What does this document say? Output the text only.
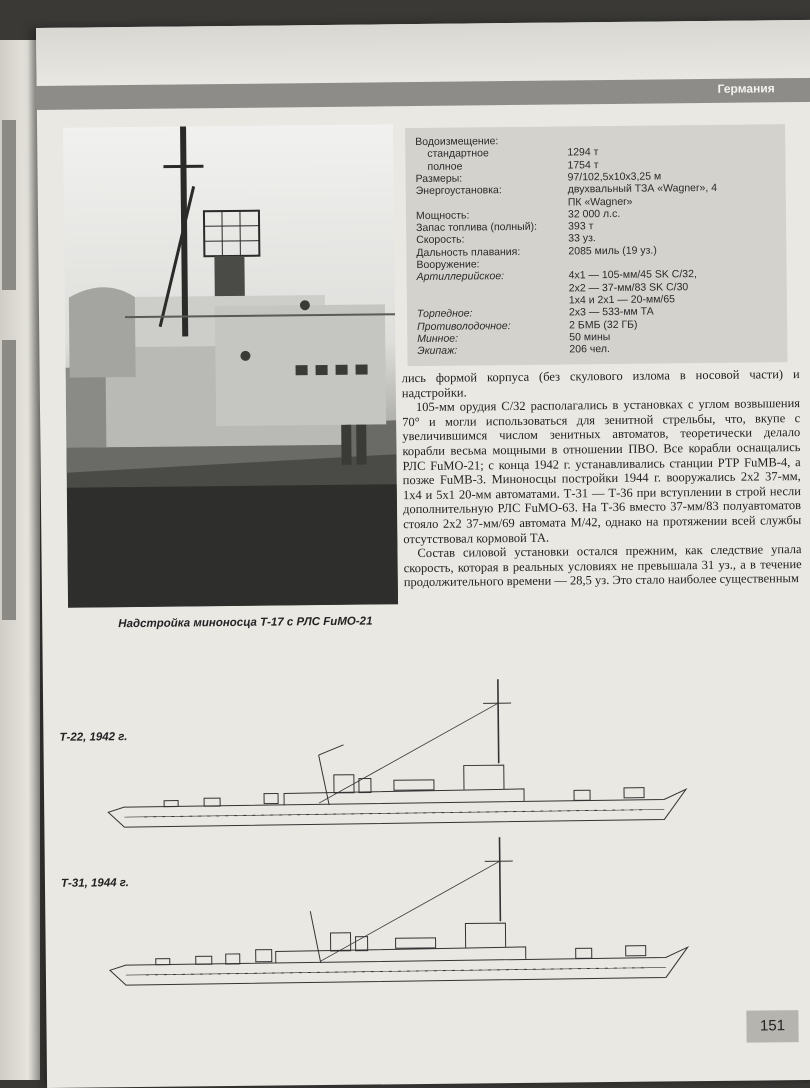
Германия
Надстройка миноносца Т-17 с РЛС FuMO-21
Водоизмещение:
стандартное	1294 т
полное	1754 т
Размеры:	97/102,5х10х3,25 м
Энергоустановка:	двухвальный ТЗА «Wagner», 4
ПК «Wagner»
Мощность:	32 000 л.с.
Запас топлива (полный):	393 т
Скорость:	33 уз.
Дальность плавания:	2085 миль (19 уз.)
Вооружение:
Артиллерийское:	4х1 — 105-мм/45 SK C/32,
2х2 — 37-мм/83 SK C/30
1х4 и 2х1 — 20-мм/65
Торпедное:	2х3 — 533-мм ТА
Противолодочное:	2 БМБ (32 ГБ)
Минное:	50 мины
Экипаж:	206 чел.

лись формой корпуса (без скулового излома в носовой части) и надстройки.

105-мм орудия С/32 располагались в установках с углом возвышения 70° и могли использоваться для зенитной стрельбы, что, вкупе с увеличившимся числом зенитных автоматов, теоретически делало корабли весьма мощными в отношении ПВО. Все корабли оснащались РЛС FuMO-21; с конца 1942 г. устанавливались станции РТР FuMB-4, а позже FuMB-3. Миноносцы постройки 1944 г. вооружались 2х2 37-мм, 1х4 и 5х1 20-мм автоматами. Т-31 — Т-36 при вступлении в строй несли дополнительную РЛС FuMO-63. На Т-36 вместо 37-мм/83 полуавтоматов стояло 2х2 37-мм/69 автомата М/42, однако на протяжении всей службы отсутствовал кормовой ТА.

Состав силовой установки остался прежним, как следствие упала скорость, которая в реальных условиях не превышала 31 уз., а в течение продолжительного времени — 28,5 уз. Это стало наиболее существенным

Т-22, 1942 г.
Т-31, 1944 г.
151
